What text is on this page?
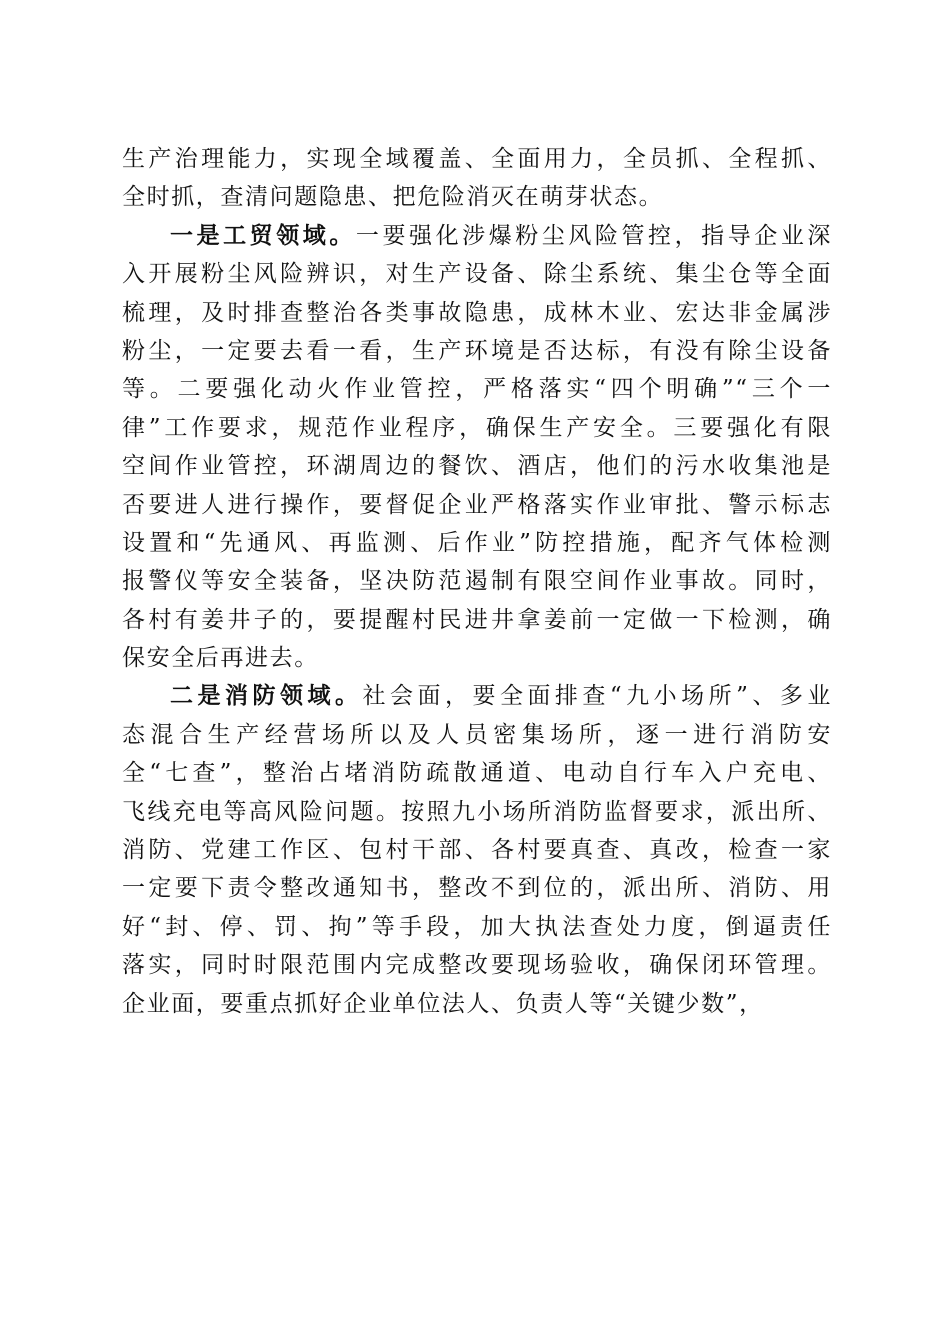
生产治理能力，实现全域覆盖、全面用力，全员抓、全程抓、
全时抓，查清问题隐患、把危险消灭在萌芽状态。
一是工贸领域。一要强化涉爆粉尘风险管控，指导企业深
入开展粉尘风险辨识，对生产设备、除尘系统、集尘仓等全面
梳理，及时排查整治各类事故隐患，成林木业、宏达非金属涉
粉尘，一定要去看一看，生产环境是否达标，有没有除尘设备
等。二要强化动火作业管控，严格落实“四个明确”“三个一
律”工作要求，规范作业程序，确保生产安全。三要强化有限
空间作业管控，环湖周边的餐饮、酒店，他们的污水收集池是
否要进人进行操作，要督促企业严格落实作业审批、警示标志
设置和“先通风、再监测、后作业”防控措施，配齐气体检测
报警仪等安全装备，坚决防范遏制有限空间作业事故。同时，
各村有姜井子的，要提醒村民进井拿姜前一定做一下检测，确
保安全后再进去。
二是消防领域。社会面，要全面排查“九小场所”、多业
态混合生产经营场所以及人员密集场所，逐一进行消防安
全“七查”，整治占堵消防疏散通道、电动自行车入户充电、
飞线充电等高风险问题。按照九小场所消防监督要求，派出所、
消防、党建工作区、包村干部、各村要真查、真改，检查一家
一定要下责令整改通知书，整改不到位的，派出所、消防、用
好“封、停、罚、拘”等手段，加大执法查处力度，倒逼责任
落实，同时时限范围内完成整改要现场验收，确保闭环管理。
企业面，要重点抓好企业单位法人、负责人等“关键少数”，
